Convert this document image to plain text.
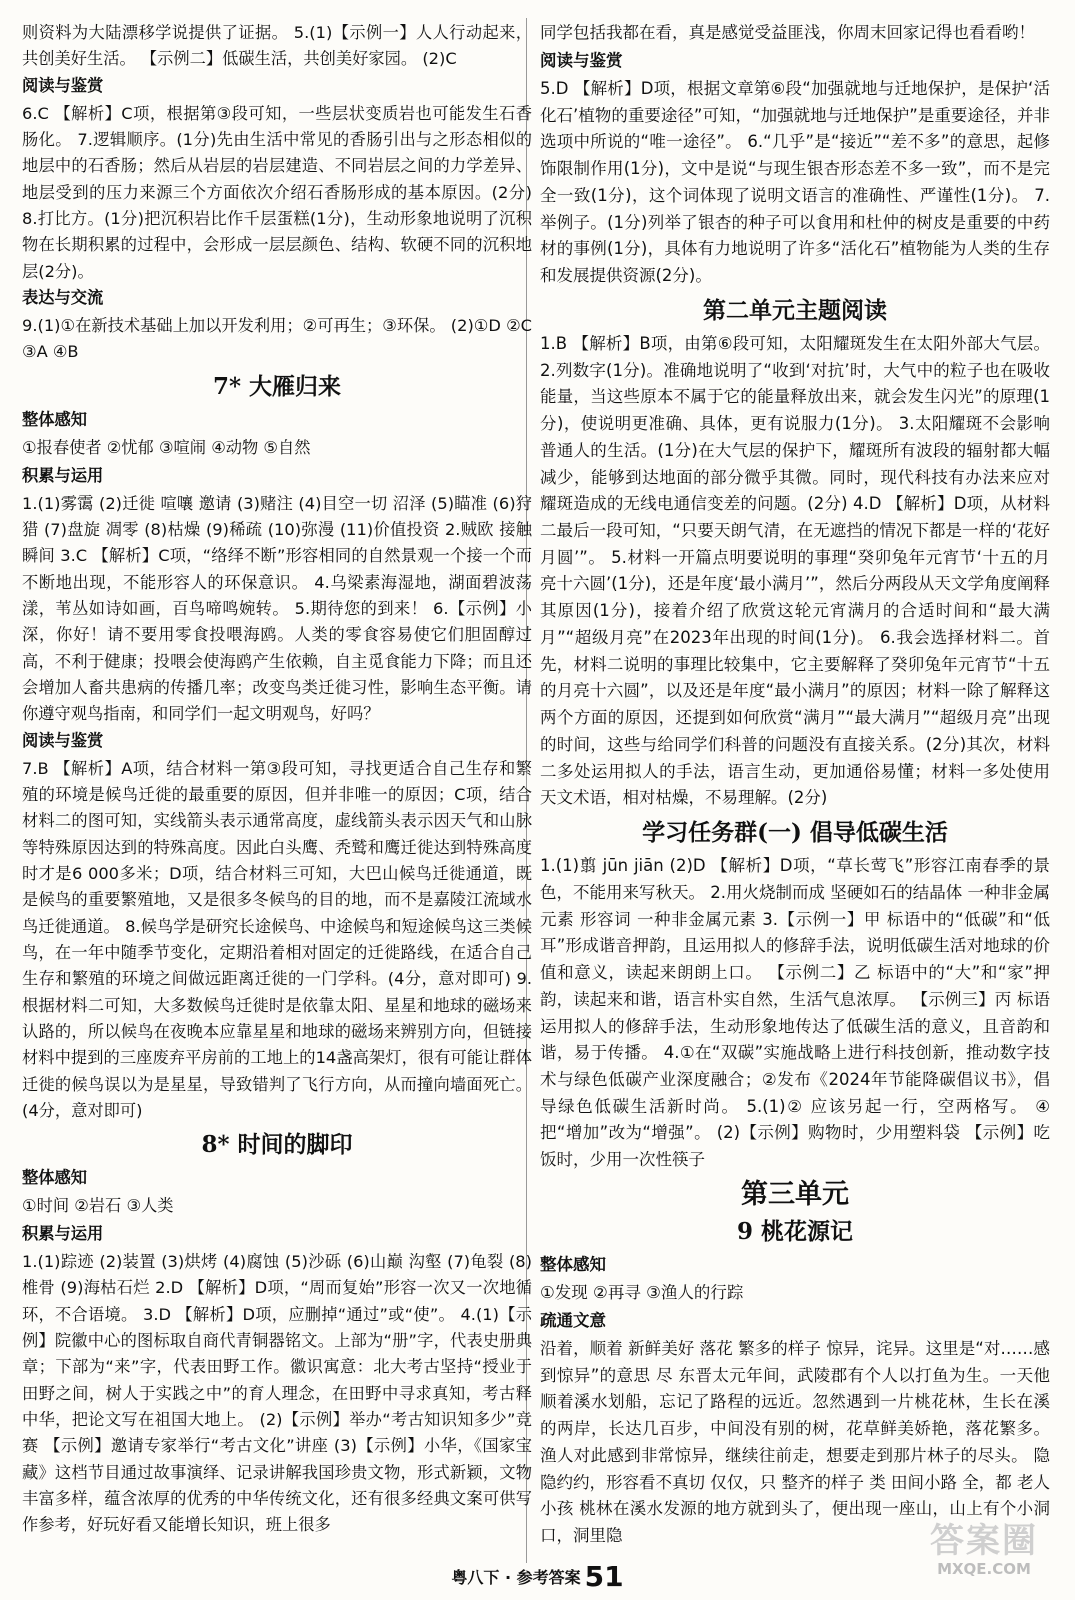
则资料为大陆漂移学说提供了证据。 5.(1)【示例一】人人行动起来，共创美好生活。 【示例二】低碳生活，共创美好家园。 (2)C
阅读与鉴赏
6.C 【解析】C项，根据第③段可知，一些层状变质岩也可能发生石香肠化。 7.逻辑顺序。(1分)先由生活中常见的香肠引出与之形态相似的地层中的石香肠；然后从岩层的岩层建造、不同岩层之间的力学差异、地层受到的压力来源三个方面依次介绍石香肠形成的基本原因。(2分) 8.打比方。(1分)把沉积岩比作千层蛋糕(1分)，生动形象地说明了沉积物在长期积累的过程中，会形成一层层颜色、结构、软硬不同的沉积地层(2分)。
表达与交流
9.(1)①在新技术基础上加以开发利用；②可再生；③环保。 (2)①D ②C ③A ④B
7* 大雁归来
整体感知
①报春使者 ②忧郁 ③喧闹 ④动物 ⑤自然
积累与运用
1.(1)雾霭 (2)迁徙 喧嚷 邀请 (3)赌注 (4)目空一切 沼泽 (5)瞄准 (6)狩猎 (7)盘旋 凋零 (8)枯燥 (9)稀疏 (10)弥漫 (11)价值投资 2.贼欧 接触 瞬间 3.C 【解析】C项，“络绎不断”形容相同的自然景观一个接一个而不断地出现，不能形容人的环保意识。 4.乌梁素海湿地，湖面碧波荡漾，苇丛如诗如画，百鸟啼鸣婉转。 5.期待您的到来！ 6.【示例】小深，你好！请不要用零食投喂海鸥。人类的零食容易使它们胆固醇过高，不利于健康；投喂会使海鸥产生依赖，自主觅食能力下降；而且还会增加人畜共患病的传播几率；改变鸟类迁徙习性，影响生态平衡。请你遵守观鸟指南，和同学们一起文明观鸟，好吗？
阅读与鉴赏
7.B 【解析】A项，结合材料一第③段可知，寻找更适合自己生存和繁殖的环境是候鸟迁徙的最重要的原因，但并非唯一的原因；C项，结合材料二的图可知，实线箭头表示通常高度，虚线箭头表示因天气和山脉等特殊原因达到的特殊高度。因此白头鹰、秃鹫和鹰迁徙达到特殊高度时才是6 000多米；D项，结合材料三可知，大巴山候鸟迁徙通道，既是候鸟的重要繁殖地，又是很多冬候鸟的目的地，而不是嘉陵江流域水鸟迁徙通道。 8.候鸟学是研究长途候鸟、中途候鸟和短途候鸟这三类候鸟，在一年中随季节变化，定期沿着相对固定的迁徙路线，在适合自己生存和繁殖的环境之间做远距离迁徙的一门学科。(4分，意对即可) 9.根据材料二可知，大多数候鸟迁徙时是依靠太阳、星星和地球的磁场来认路的，所以候鸟在夜晚本应靠星星和地球的磁场来辨别方向，但链接材料中提到的三座废弃平房前的工地上的14盏高架灯，很有可能让群体迁徙的候鸟误以为是星星，导致错判了飞行方向，从而撞向墙面死亡。(4分，意对即可)
8* 时间的脚印
整体感知
①时间 ②岩石 ③人类
积累与运用
1.(1)踪迹 (2)装置 (3)烘烤 (4)腐蚀 (5)沙砾 (6)山巅 沟壑 (7)龟裂 (8)椎骨 (9)海枯石烂 2.D 【解析】D项，“周而复始”形容一次又一次地循环，不合语境。 3.D 【解析】D项，应删掉“通过”或“使”。 4.(1)【示例】院徽中心的图标取自商代青铜器铭文。上部为“册”字，代表史册典章；下部为“来”字，代表田野工作。徽识寓意：北大考古坚持“授业于田野之间，树人于实践之中”的育人理念，在田野中寻求真知，考古释中华，把论文写在祖国大地上。 (2)【示例】举办“考古知识知多少”竞赛 【示例】邀请专家举行“考古文化”讲座 (3)【示例】小华，《国家宝藏》这档节目通过故事演绎、记录讲解我国珍贵文物，形式新颖，文物丰富多样，蕴含浓厚的优秀的中华传统文化，还有很多经典文案可供写作参考，好玩好看又能增长知识，班上很多
同学包括我都在看，真是感觉受益匪浅，你周末回家记得也看看哟！
阅读与鉴赏
5.D 【解析】D项，根据文章第⑥段“加强就地与迁地保护，是保护‘活化石’植物的重要途径”可知，“加强就地与迁地保护”是重要途径，并非选项中所说的“唯一途径”。 6.“几乎”是“接近”“差不多”的意思，起修饰限制作用(1分)，文中是说“与现生银杏形态差不多一致”，而不是完全一致(1分)，这个词体现了说明文语言的准确性、严谨性(1分)。 7.举例子。(1分)列举了银杏的种子可以食用和杜仲的树皮是重要的中药材的事例(1分)，具体有力地说明了许多“活化石”植物能为人类的生存和发展提供资源(2分)。
第二单元主题阅读
1.B 【解析】B项，由第⑥段可知，太阳耀斑发生在太阳外部大气层。 2.列数字(1分)。准确地说明了“收到‘对抗’时，大气中的粒子也在吸收能量，当这些原本不属于它的能量释放出来，就会发生闪光”的原理(1分)，使说明更准确、具体，更有说服力(1分)。 3.太阳耀斑不会影响普通人的生活。(1分)在大气层的保护下，耀斑所有波段的辐射都大幅减少，能够到达地面的部分微乎其微。同时，现代科技有办法来应对耀斑造成的无线电通信变差的问题。(2分) 4.D 【解析】D项，从材料二最后一段可知，“只要天朗气清，在无遮挡的情况下都是一样的‘花好月圆’”。 5.材料一开篇点明要说明的事理“癸卯兔年元宵节‘十五的月亮十六圆’(1分)，还是年度‘最小满月’”，然后分两段从天文学角度阐释其原因(1分)，接着介绍了欣赏这轮元宵满月的合适时间和“最大满月”“超级月亮”在2023年出现的时间(1分)。 6.我会选择材料二。首先，材料二说明的事理比较集中，它主要解释了癸卯兔年元宵节“十五的月亮十六圆”，以及还是年度“最小满月”的原因；材料一除了解释这两个方面的原因，还提到如何欣赏“满月”“最大满月”“超级月亮”出现的时间，这些与给同学们科普的问题没有直接关系。(2分)其次，材料二多处运用拟人的手法，语言生动，更加通俗易懂；材料一多处使用天文术语，相对枯燥，不易理解。(2分)
学习任务群(一) 倡导低碳生活
1.(1)翦 jūn jiān (2)D 【解析】D项，“草长莺飞”形容江南春季的景色，不能用来写秋天。 2.用火烧制而成 坚硬如石的结晶体 一种非金属元素 形容词 一种非金属元素 3.【示例一】甲 标语中的“低碳”和“低耳”形成谐音押韵，且运用拟人的修辞手法，说明低碳生活对地球的价值和意义，读起来朗朗上口。 【示例二】乙 标语中的“大”和“家”押韵，读起来和谐，语言朴实自然，生活气息浓厚。 【示例三】丙 标语运用拟人的修辞手法，生动形象地传达了低碳生活的意义，且音韵和谐，易于传播。 4.①在“双碳”实施战略上进行科技创新，推动数字技术与绿色低碳产业深度融合；②发布《2024年节能降碳倡议书》，倡导绿色低碳生活新时尚。 5.(1)② 应该另起一行，空两格写。 ④ 把“增加”改为“增强”。 (2)【示例】购物时，少用塑料袋 【示例】吃饭时，少用一次性筷子
第三单元
9 桃花源记
整体感知
①发现 ②再寻 ③渔人的行踪
疏通文意
沿着，顺着 新鲜美好 落花 繁多的样子 惊异，诧异。这里是“对……感到惊异”的意思 尽 东晋太元年间，武陵郡有个人以打鱼为生。一天他顺着溪水划船，忘记了路程的远近。忽然遇到一片桃花林，生长在溪的两岸，长达几百步，中间没有别的树，花草鲜美娇艳，落花繁多。渔人对此感到非常惊异，继续往前走，想要走到那片林子的尽头。 隐隐约约，形容看不真切 仅仅，只 整齐的样子 类 田间小路 全，都 老人 小孩 桃林在溪水发源的地方就到头了，便出现一座山，山上有个小洞口，洞里隐
粤八下 · 参考答案 51
答案圈
MXQE.COM
